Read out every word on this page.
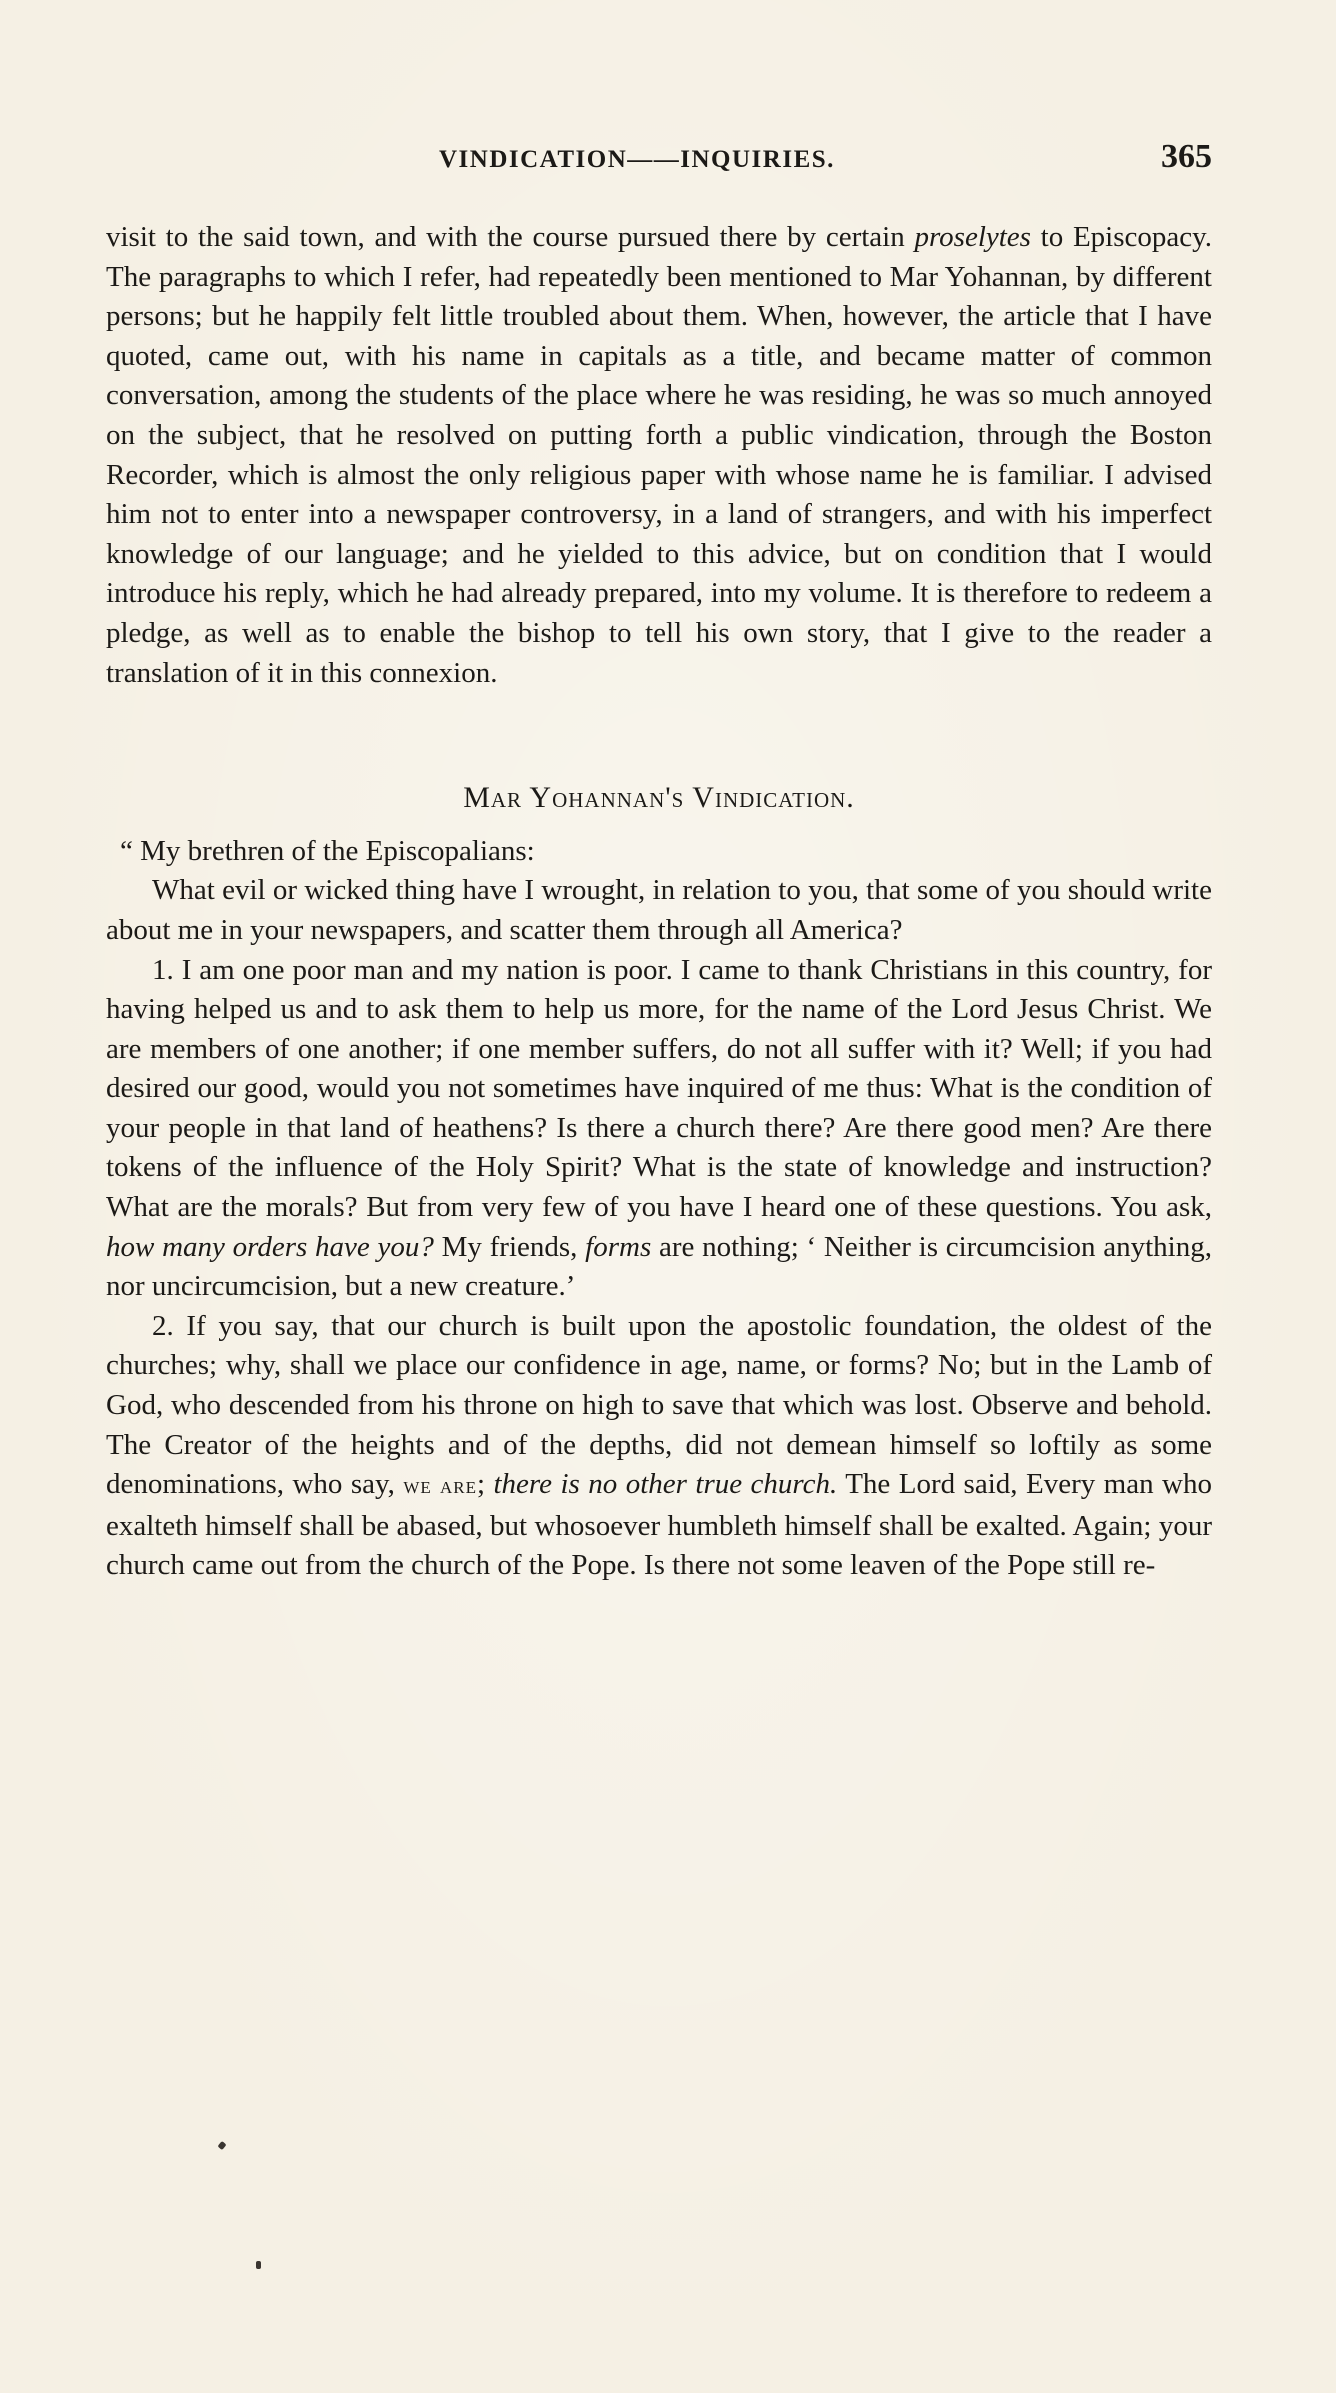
VINDICATION——INQUIRIES.	365

visit to the said town, and with the course pursued there by certain proselytes to Episcopacy. The paragraphs to which I refer, had repeatedly been mentioned to Mar Yohannan, by different persons; but he happily felt little troubled about them. When, however, the article that I have quoted, came out, with his name in capitals as a title, and became matter of common conversation, among the students of the place where he was residing, he was so much annoyed on the subject, that he resolved on putting forth a public vindication, through the Boston Recorder, which is almost the only religious paper with whose name he is familiar. I advised him not to enter into a newspaper controversy, in a land of strangers, and with his imperfect knowledge of our language; and he yielded to this advice, but on condition that I would introduce his reply, which he had already prepared, into my volume. It is therefore to redeem a pledge, as well as to enable the bishop to tell his own story, that I give to the reader a translation of it in this connexion.

Mar Yohannan's Vindication.

“ My brethren of the Episcopalians:

What evil or wicked thing have I wrought, in relation to you, that some of you should write about me in your newspapers, and scatter them through all America?

1. I am one poor man and my nation is poor. I came to thank Christians in this country, for having helped us and to ask them to help us more, for the name of the Lord Jesus Christ. We are members of one another; if one member suffers, do not all suffer with it? Well; if you had desired our good, would you not sometimes have inquired of me thus: What is the condition of your people in that land of heathens? Is there a church there? Are there good men? Are there tokens of the influence of the Holy Spirit? What is the state of knowledge and instruction? What are the morals? But from very few of you have I heard one of these questions. You ask, how many orders have you? My friends, forms are nothing; ‘ Neither is circumcision anything, nor uncircumcision, but a new creature.’

2. If you say, that our church is built upon the apostolic foundation, the oldest of the churches; why, shall we place our confidence in age, name, or forms? No; but in the Lamb of God, who descended from his throne on high to save that which was lost. Observe and behold. The Creator of the heights and of the depths, did not demean himself so loftily as some denominations, who say, we are; there is no other true church. The Lord said, Every man who exalteth himself shall be abased, but whosoever humbleth himself shall be exalted. Again; your church came out from the church of the Pope. Is there not some leaven of the Pope still re-
